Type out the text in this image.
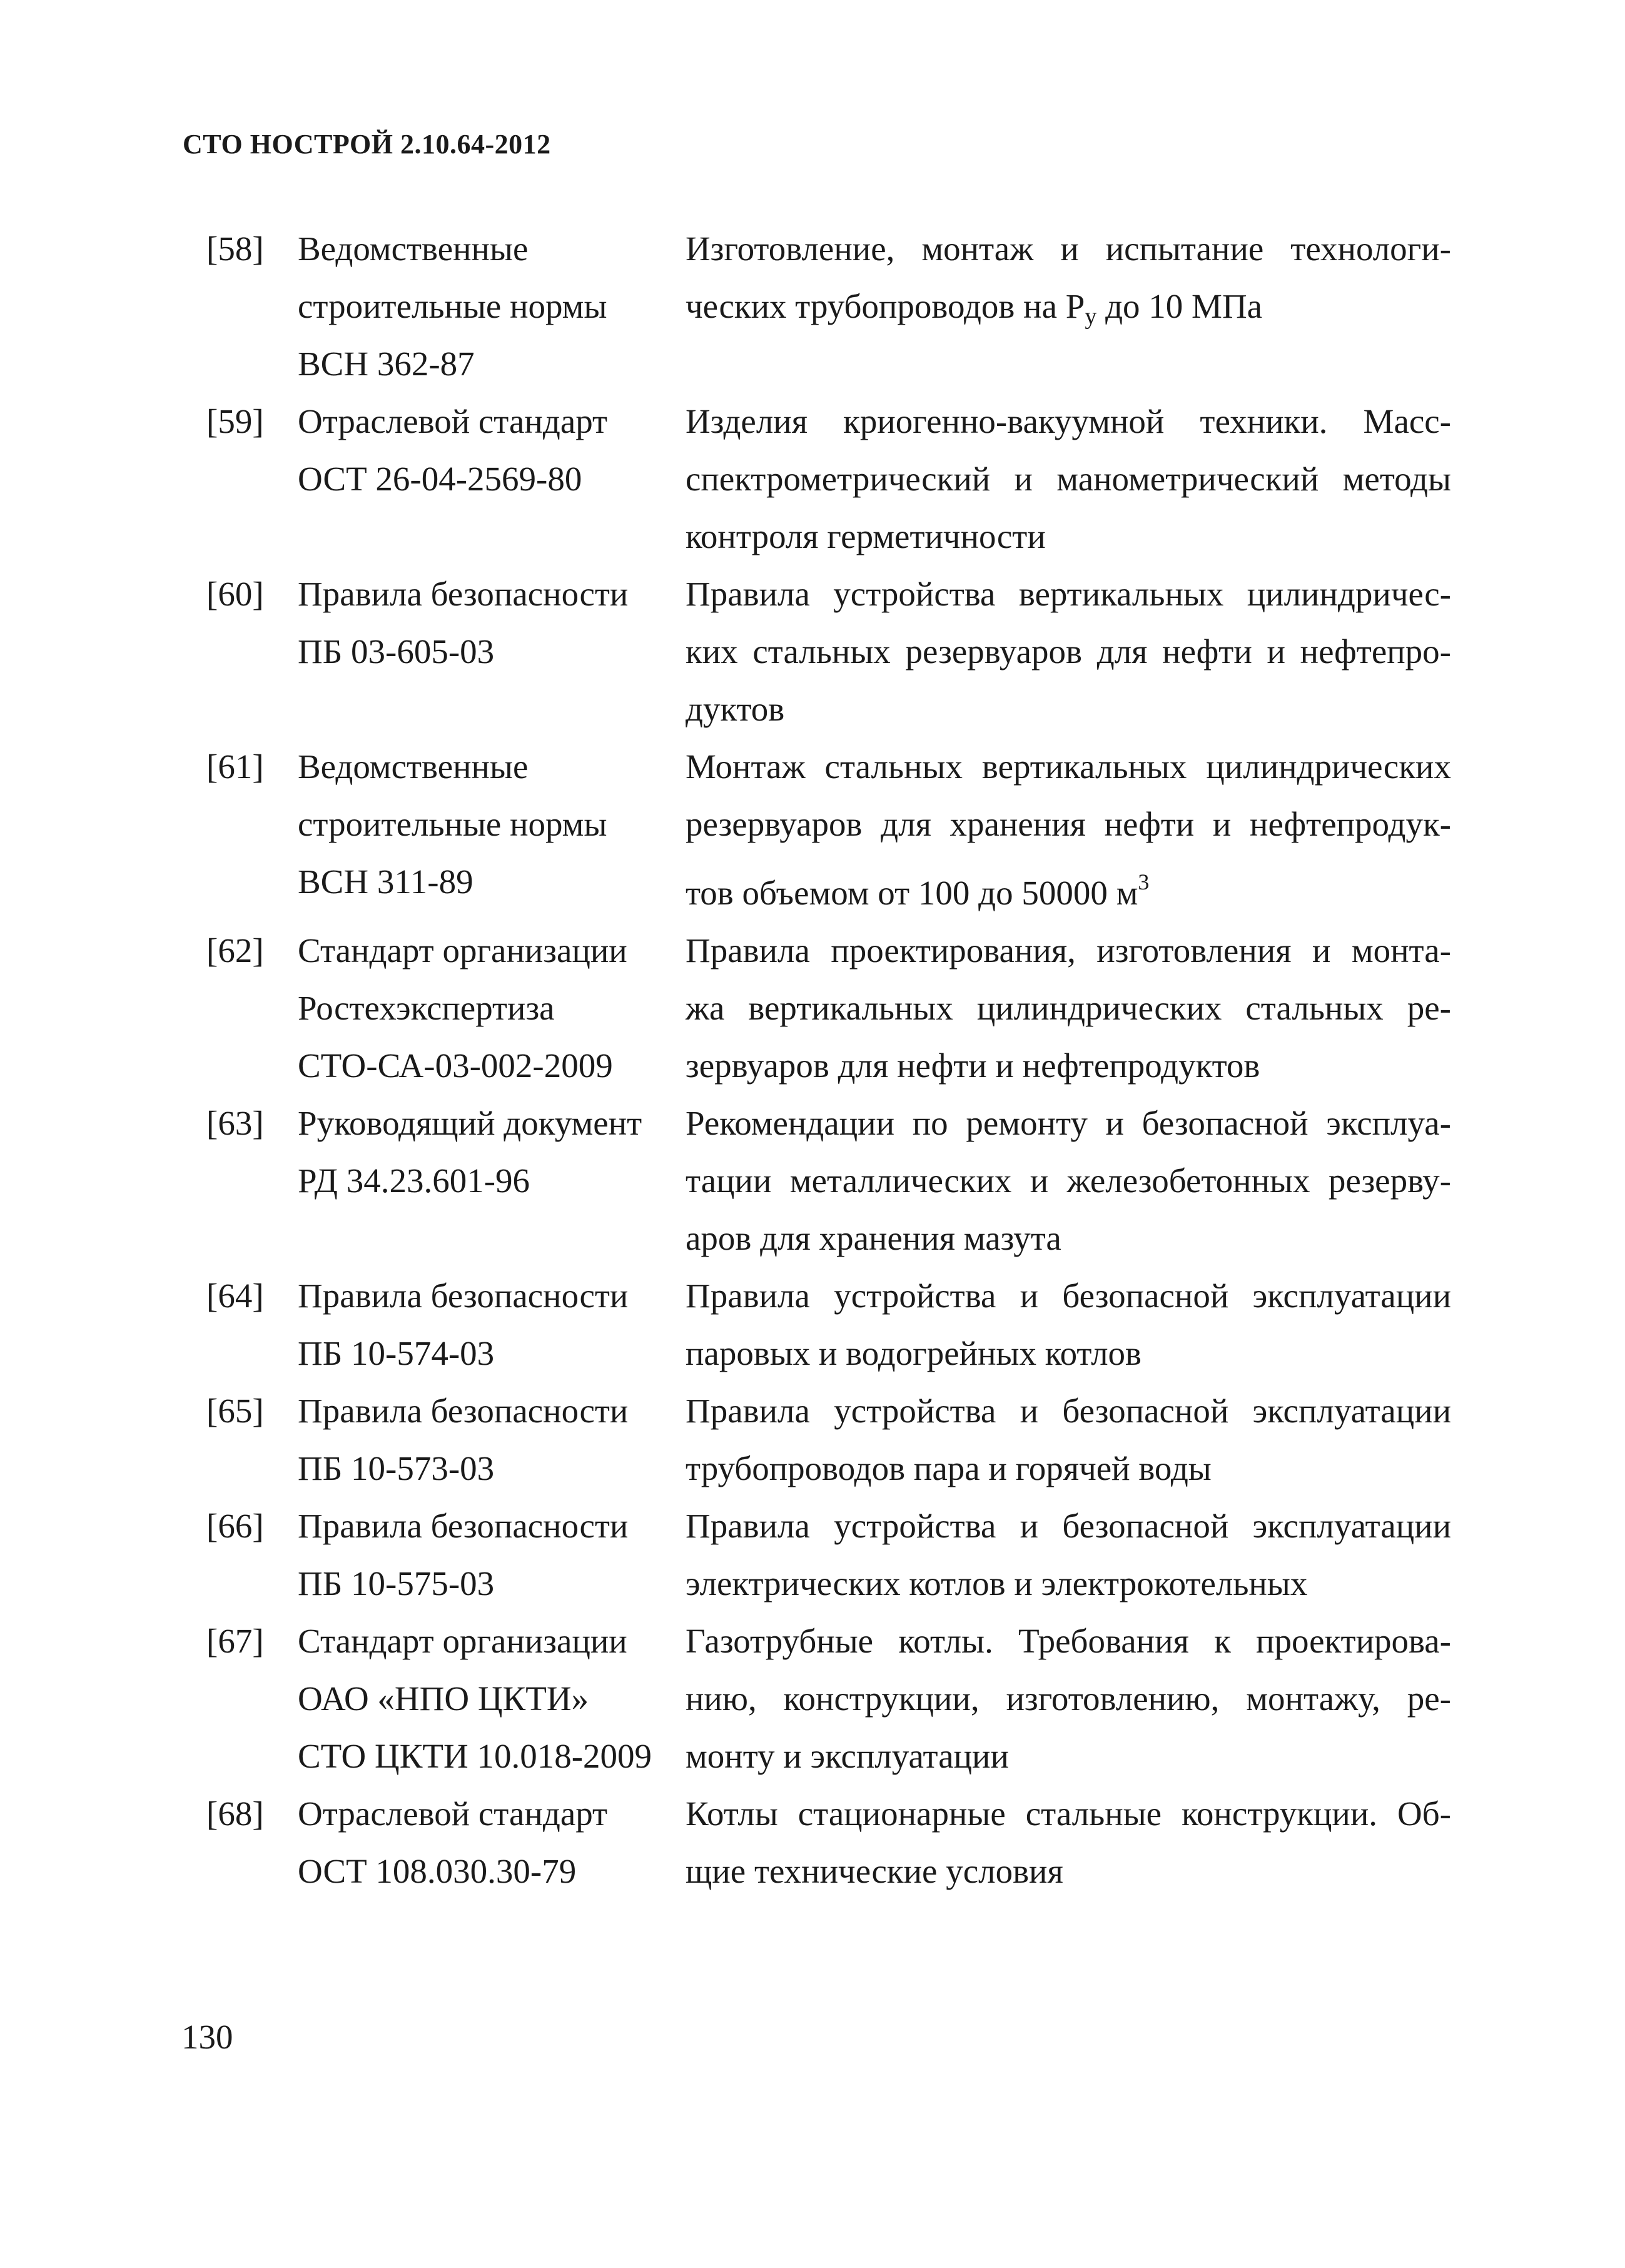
СТО НОСТРОЙ 2.10.64-2012
[58] Ведомственные
строительные нормы
ВСН 362-87
Изготовление, монтаж и испытание технологи-
ческих трубопроводов на $P_у$ до 10 МПа
[59] Отраслевой стандарт
ОСТ 26-04-2569-80
Изделия криогенно-вакуумной техники. Масс-
спектрометрический и манометрический методы
контроля герметичности
[60] Правила безопасности
ПБ 03-605-03
Правила устройства вертикальных цилиндричес-
ких стальных резервуаров для нефти и нефтепро-
дуктов
[61] Ведомственные
строительные нормы
ВСН 311-89
Монтаж стальных вертикальных цилиндрических
резервуаров для хранения нефти и нефтепродук-
тов объемом от 100 до 50000 $м^3$
[62] Стандарт организации
Ростехэкспертиза
СТО-СА-03-002-2009
Правила проектирования, изготовления и монта-
жа вертикальных цилиндрических стальных ре-
зервуаров для нефти и нефтепродуктов
[63] Руководящий документ
РД 34.23.601-96
Рекомендации по ремонту и безопасной эксплуа-
тации металлических и железобетонных резерву-
аров для хранения мазута
[64] Правила безопасности
ПБ 10-574-03
Правила устройства и безопасной эксплуатации
паровых и водогрейных котлов
[65] Правила безопасности
ПБ 10-573-03
Правила устройства и безопасной эксплуатации
трубопроводов пара и горячей воды
[66] Правила безопасности
ПБ 10-575-03
Правила устройства и безопасной эксплуатации
электрических котлов и электрокотельных
[67] Стандарт организации
ОАО «НПО ЦКТИ»
СТО ЦКТИ 10.018-2009
Газотрубные котлы. Требования к проектирова-
нию, конструкции, изготовлению, монтажу, ре-
монту и эксплуатации
[68] Отраслевой стандарт
ОСТ 108.030.30-79
Котлы стационарные стальные конструкции. Об-
щие технические условия
130
